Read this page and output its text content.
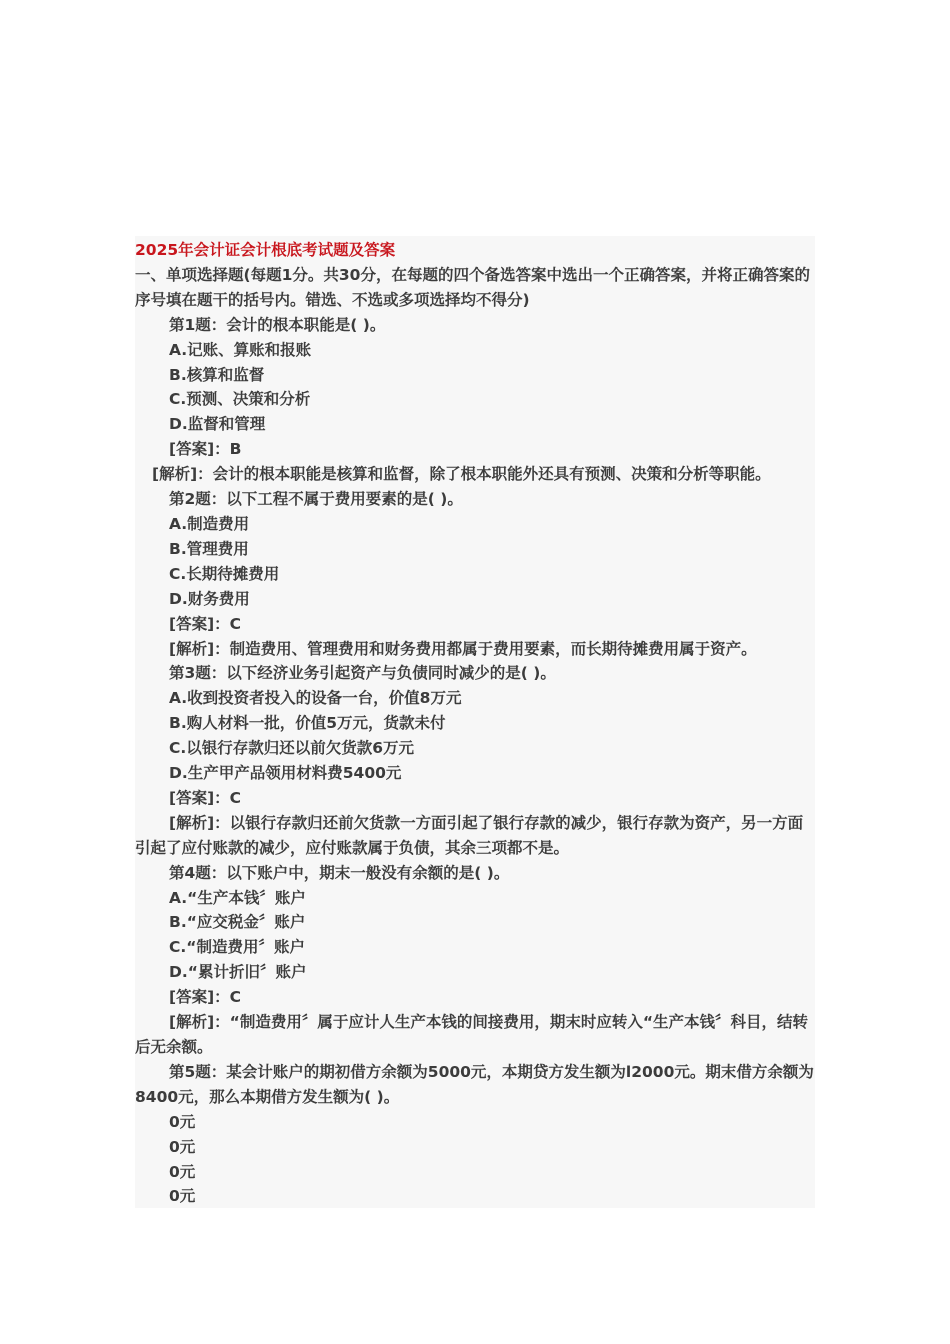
2025年会计证会计根底考试题及答案
一、单项选择题(每题1分。共30分，在每题的四个备选答案中选出一个正确答案，并将正确答案的序号填在题干的括号内。错选、不选或多项选择均不得分)
第1题：会计的根本职能是( )。
A.记账、算账和报账
B.核算和监督
C.预测、决策和分析
D.监督和管理
[答案]：B
[解析]：会计的根本职能是核算和监督，除了根本职能外还具有预测、决策和分析等职能。
第2题：以下工程不属于费用要素的是( )。
A.制造费用
B.管理费用
C.长期待摊费用
D.财务费用
[答案]：C
[解析]：制造费用、管理费用和财务费用都属于费用要素，而长期待摊费用属于资产。
第3题：以下经济业务引起资产与负债同时减少的是( )。
A.收到投资者投入的设备一台，价值8万元
B.购人材料一批，价值5万元，货款未付
C.以银行存款归还以前欠货款6万元
D.生产甲产品领用材料费5400元
[答案]：C
[解析]：以银行存款归还前欠货款一方面引起了银行存款的减少，银行存款为资产，另一方面引起了应付账款的减少，应付账款属于负债，其余三项都不是。
第4题：以下账户中，期末一般没有余额的是( )。
A.“生产本钱〞账户
B.“应交税金〞账户
C.“制造费用〞账户
D.“累计折旧〞账户
[答案]：C
[解析]：“制造费用〞属于应计人生产本钱的间接费用，期末时应转入“生产本钱〞科目，结转后无余额。
第5题：某会计账户的期初借方余额为5000元，本期贷方发生额为l2000元。期末借方余额为8400元，那么本期借方发生额为( )。
0元
0元
0元
0元
